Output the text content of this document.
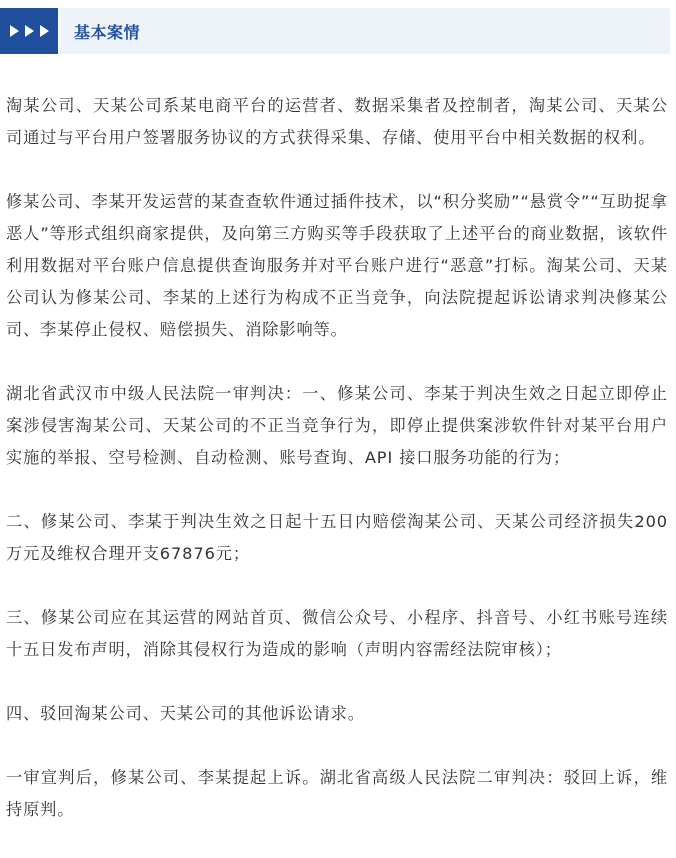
基本案情

淘某公司、天某公司系某电商平台的运营者、数据采集者及控制者，淘某公司、天某公司通过与平台用户签署服务协议的方式获得采集、存储、使用平台中相关数据的权利。

修某公司、李某开发运营的某查查软件通过插件技术，以“积分奖励”“悬赏令”“互助捉拿恶人”等形式组织商家提供，及向第三方购买等手段获取了上述平台的商业数据，该软件利用数据对平台账户信息提供查询服务并对平台账户进行“恶意”打标。淘某公司、天某公司认为修某公司、李某的上述行为构成不正当竞争，向法院提起诉讼请求判决修某公司、李某停止侵权、赔偿损失、消除影响等。

湖北省武汉市中级人民法院一审判决：一、修某公司、李某于判决生效之日起立即停止案涉侵害淘某公司、天某公司的不正当竞争行为，即停止提供案涉软件针对某平台用户实施的举报、空号检测、自动检测、账号查询、API 接口服务功能的行为；

二、修某公司、李某于判决生效之日起十五日内赔偿淘某公司、天某公司经济损失200万元及维权合理开支67876元；

三、修某公司应在其运营的网站首页、微信公众号、小程序、抖音号、小红书账号连续十五日发布声明，消除其侵权行为造成的影响（声明内容需经法院审核）；

四、驳回淘某公司、天某公司的其他诉讼请求。

一审宣判后，修某公司、李某提起上诉。湖北省高级人民法院二审判决：驳回上诉，维持原判。
